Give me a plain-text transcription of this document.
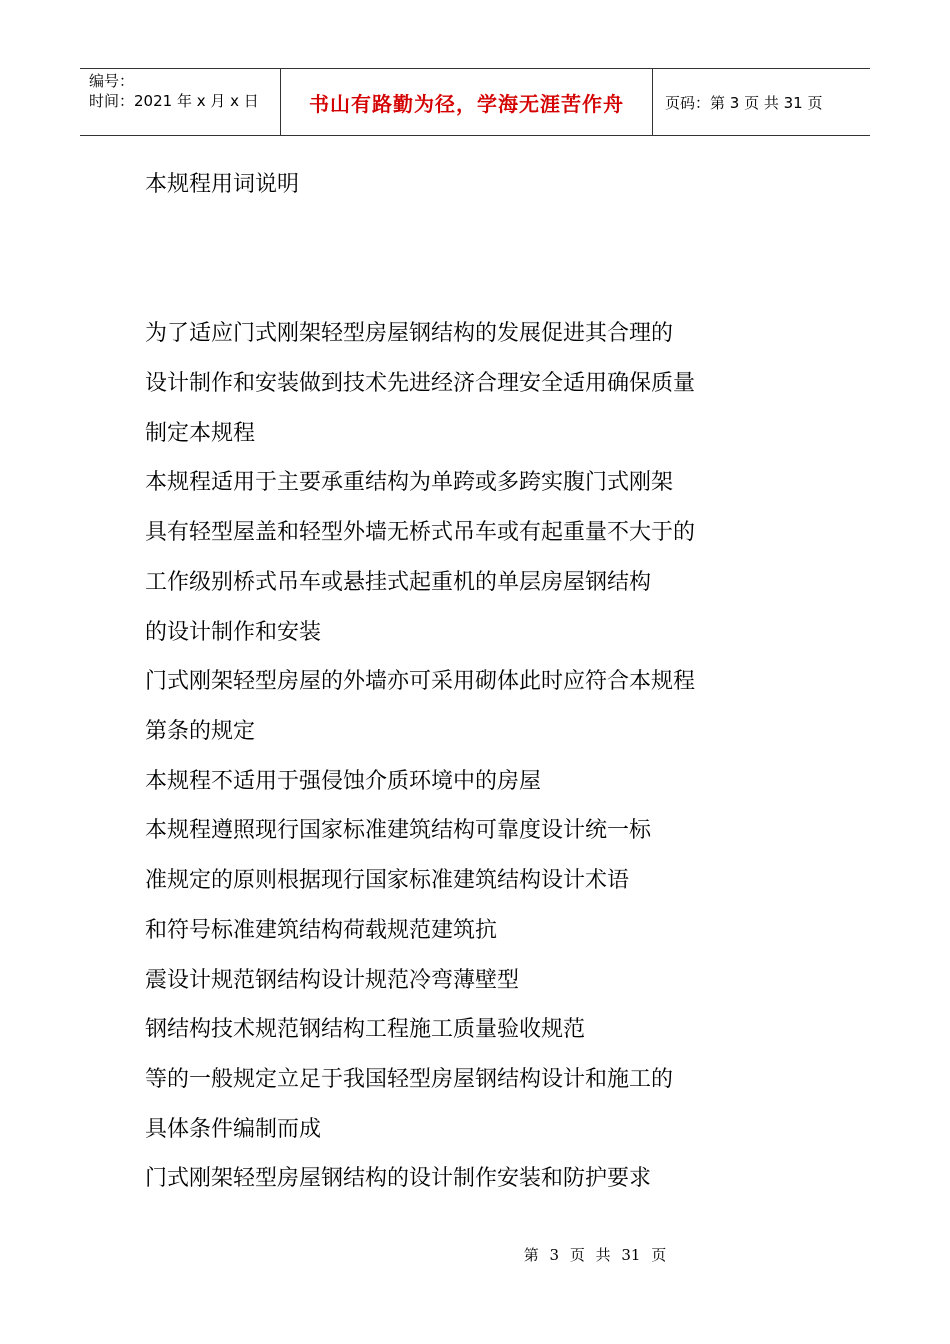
编号：
时间：2021 年 x 月 x 日	书山有路勤为径，学海无涯苦作舟	页码：第 3 页 共 31 页
本规程用词说明
为了适应门式刚架轻型房屋钢结构的发展促进其合理的
设计制作和安装做到技术先进经济合理安全适用确保质量
制定本规程
本规程适用于主要承重结构为单跨或多跨实腹门式刚架
具有轻型屋盖和轻型外墙无桥式吊车或有起重量不大于的
工作级别桥式吊车或悬挂式起重机的单层房屋钢结构
的设计制作和安装
门式刚架轻型房屋的外墙亦可采用砌体此时应符合本规程
第条的规定
本规程不适用于强侵蚀介质环境中的房屋
本规程遵照现行国家标准建筑结构可靠度设计统一标
准规定的原则根据现行国家标准建筑结构设计术语
和符号标准建筑结构荷载规范建筑抗
震设计规范钢结构设计规范冷弯薄壁型
钢结构技术规范钢结构工程施工质量验收规范
等的一般规定立足于我国轻型房屋钢结构设计和施工的
具体条件编制而成
门式刚架轻型房屋钢结构的设计制作安装和防护要求
第 3 页 共 31 页
